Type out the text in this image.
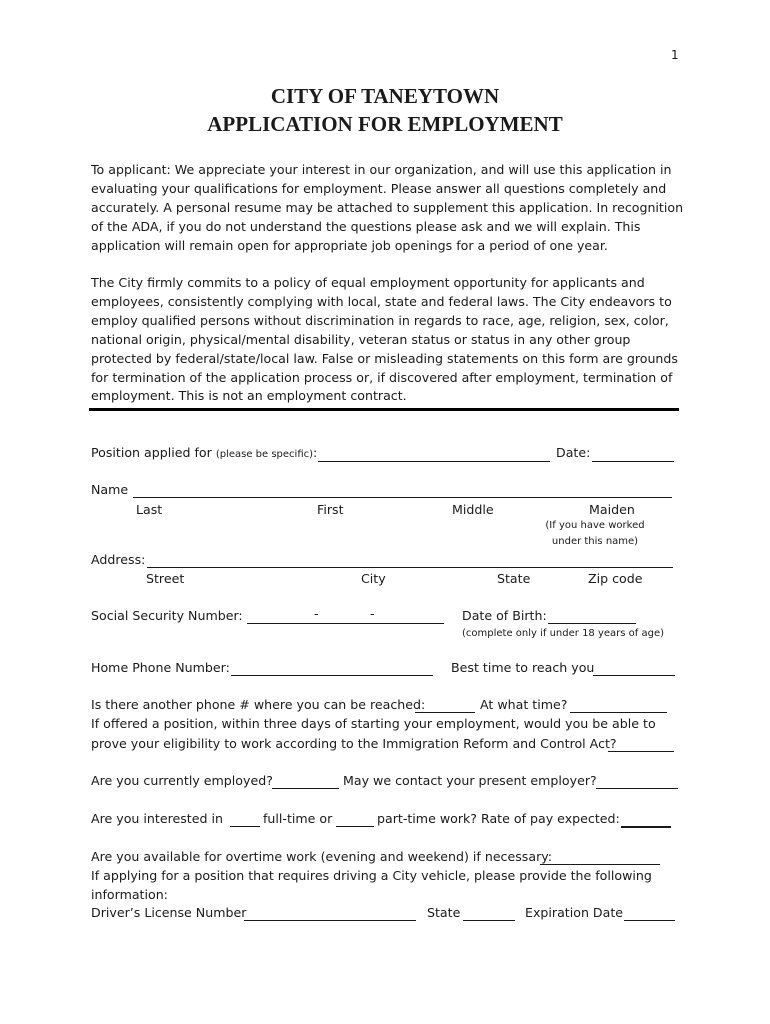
1
CITY OF TANEYTOWN
APPLICATION FOR EMPLOYMENT
To applicant: We appreciate your interest in our organization, and will use this application in evaluating your qualifications for employment. Please answer all questions completely and accurately. A personal resume may be attached to supplement this application. In recognition of the ADA, if you do not understand the questions please ask and we will explain. This application will remain open for appropriate job openings for a period of one year.
The City firmly commits to a policy of equal employment opportunity for applicants and employees, consistently complying with local, state and federal laws. The City endeavors to employ qualified persons without discrimination in regards to race, age, religion, sex, color, national origin, physical/mental disability, veteran status or status in any other group protected by federal/state/local law. False or misleading statements on this form are grounds for termination of the application process or, if discovered after employment, termination of employment. This is not an employment contract.
Position applied for (please be specific):	Date:
Name
Last	First	Middle	Maiden
(If you have worked
under this name)
Address:
Street	City	State	Zip code
Social Security Number:	-	-	Date of Birth:
(complete only if under 18 years of age)
Home Phone Number:	Best time to reach you
Is there another phone # where you can be reached:	At what time?
If offered a position, within three days of starting your employment, would you be able to
prove your eligibility to work according to the Immigration Reform and Control Act?
Are you currently employed?	May we contact your present employer?
Are you interested in	full-time or	part-time work? Rate of pay expected:
Are you available for overtime work (evening and weekend) if necessary:
If applying for a position that requires driving a City vehicle, please provide the following
information:
Driver’s License Number	State	Expiration Date
